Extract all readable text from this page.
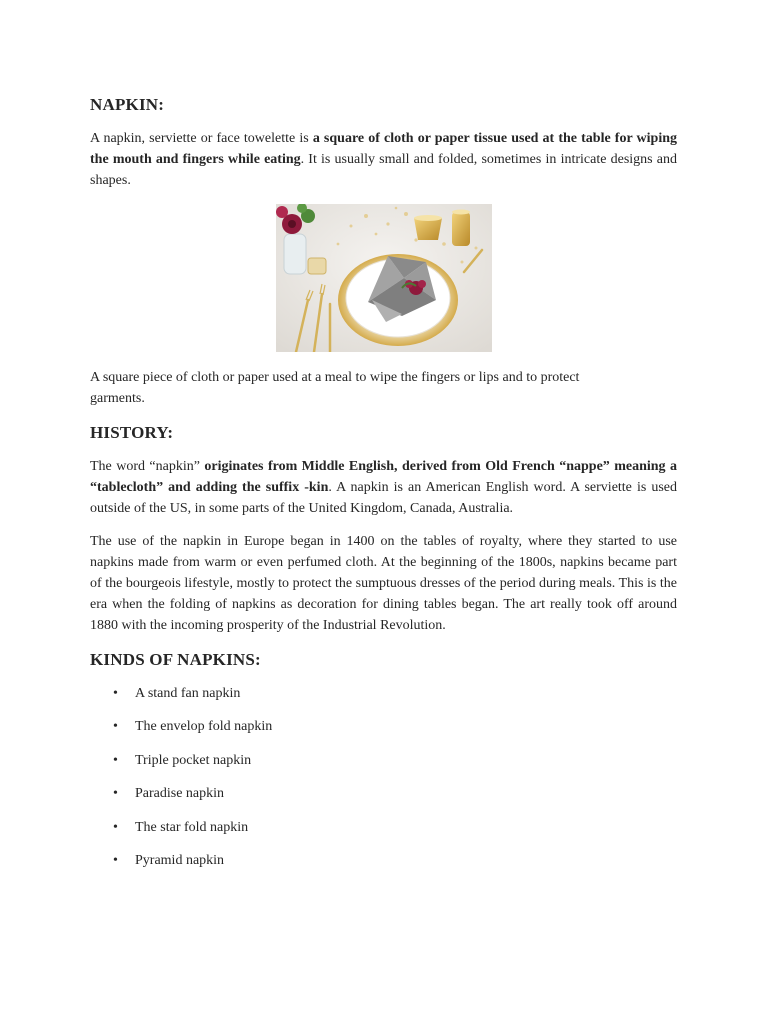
NAPKIN:

A napkin, serviette or face towelette is a square of cloth or paper tissue used at the table for wiping the mouth and fingers while eating. It is usually small and folded, sometimes in intricate designs and shapes.

A square piece of cloth or paper used at a meal to wipe the fingers or lips and to protect garments.

HISTORY:

The word “napkin” originates from Middle English, derived from Old French “nappe” meaning a “tablecloth” and adding the suffix -kin. A napkin is an American English word. A serviette is used outside of the US, in some parts of the United Kingdom, Canada, Australia.

The use of the napkin in Europe began in 1400 on the tables of royalty, where they started to use napkins made from warm or even perfumed cloth. At the beginning of the 1800s, napkins became part of the bourgeois lifestyle, mostly to protect the sumptuous dresses of the period during meals. This is the era when the folding of napkins as decoration for dining tables began. The art really took off around 1880 with the incoming prosperity of the Industrial Revolution.

KINDS OF NAPKINS:
• A stand fan napkin
• The envelop fold napkin
• Triple pocket napkin
• Paradise napkin
• The star fold napkin
• Pyramid napkin
